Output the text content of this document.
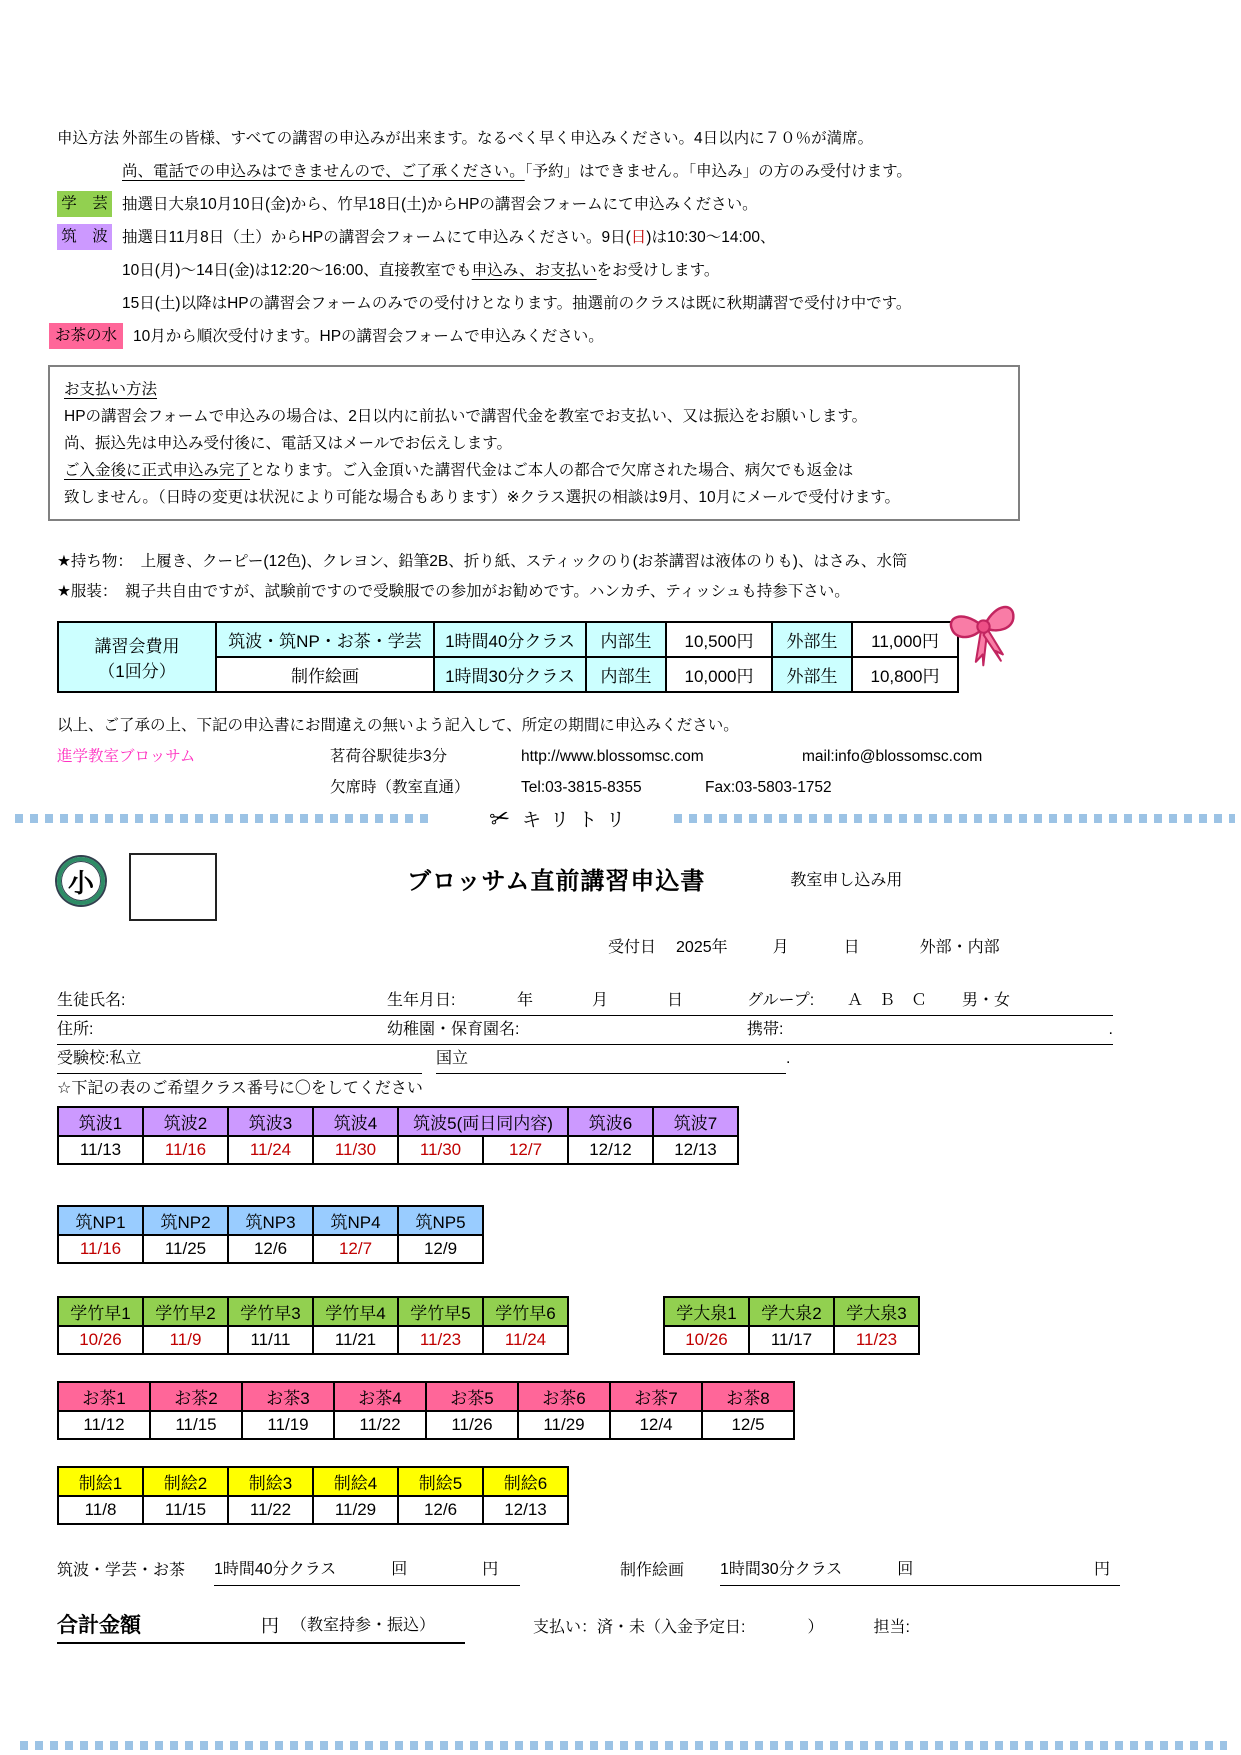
申込方法 外部生の皆様、すべての講習の申込みが出来ます。なるべく早く申込みください。4日以内に７０％が満席。
尚、電話での申込みはできませんので、ご了承ください。「予約」はできません。「申込み」の方のみ受付けます。
学　芸 抽選日大泉10月10日(金)から、竹早18日(土)からHPの講習会フォームにて申込みください。
筑　波 抽選日11月8日（土）からHPの講習会フォームにて申込みください。9日(日)は10:30～14:00、
10日(月)～14日(金)は12:20～16:00、直接教室でも申込み、お支払いをお受けします。
15日(土)以降はHPの講習会フォームのみでの受付けとなります。抽選前のクラスは既に秋期講習で受付け中です。
お茶の水	10月から順次受付けます。HPの講習会フォームで申込みください。
お支払い方法
HPの講習会フォームで申込みの場合は、2日以内に前払いで講習代金を教室でお支払い、又は振込をお願いします。
尚、振込先は申込み受付後に、電話又はメールでお伝えします。
ご入金後に正式申込み完了となります。ご入金頂いた講習代金はご本人の都合で欠席された場合、病欠でも返金は
致しません。（日時の変更は状況により可能な場合もあります）※クラス選択の相談は9月、10月にメールで受付けます。
★持ち物：　上履き、クーピー(12色)、クレヨン、鉛筆2B、折り紙、スティックのり(お茶講習は液体のりも)、はさみ、水筒
★服装：　親子共自由ですが、試験前ですので受験服での参加がお勧めです。ハンカチ、ティッシュも持参下さい。
講習会費用
（1回分）	筑波・筑NP・お茶・学芸	1時間40分クラス	内部生	10,500円	外部生	11,000円
	制作絵画	1時間30分クラス	内部生	10,000円	外部生	10,800円
以上、ご了承の上、下記の申込書にお間違えの無いよう記入して、所定の期間に申込みください。
進学教室ブロッサム	茗荷谷駅徒歩3分	http://www.blossomsc.com	mail:info@blossomsc.com
欠席時（教室直通）	Tel:03-3815-8355	Fax:03-5803-1752
✂ キリトリ
小	ブロッサム直前講習申込書	教室申し込み用
受付日 2025年	月	日	外部・内部
生徒氏名:	生年月日:	年	月	日	グループ:	Ａ　Ｂ　Ｃ	男・女
住所:	幼稚園・保育園名:	携帯:	.
受験校:私立	国立	.
☆下記の表のご希望クラス番号に〇をしてください
筑波1	筑波2	筑波3	筑波4	筑波5(両日同内容)		筑波6	筑波7
11/13	11/16	11/24	11/30	11/30	12/7	12/12	12/13
筑NP1	筑NP2	筑NP3	筑NP4	筑NP5
11/16	11/25	12/6	12/7	12/9
学竹早1	学竹早2	学竹早3	学竹早4	学竹早5	学竹早6
10/26	11/9	11/11	11/21	11/23	11/24
学大泉1	学大泉2	学大泉3
10/26	11/17	11/23
お茶1	お茶2	お茶3	お茶4	お茶5	お茶6	お茶7	お茶8
11/12	11/15	11/19	11/22	11/26	11/29	12/4	12/5
制絵1	制絵2	制絵3	制絵4	制絵5	制絵6
11/8	11/15	11/22	11/29	12/6	12/13
筑波・学芸・お茶	1時間40分クラス	回	円	制作絵画	1時間30分クラス	回	円
合計金額	円 （教室持参・振込）	支払い：済・未（入金予定日:	）	担当:
